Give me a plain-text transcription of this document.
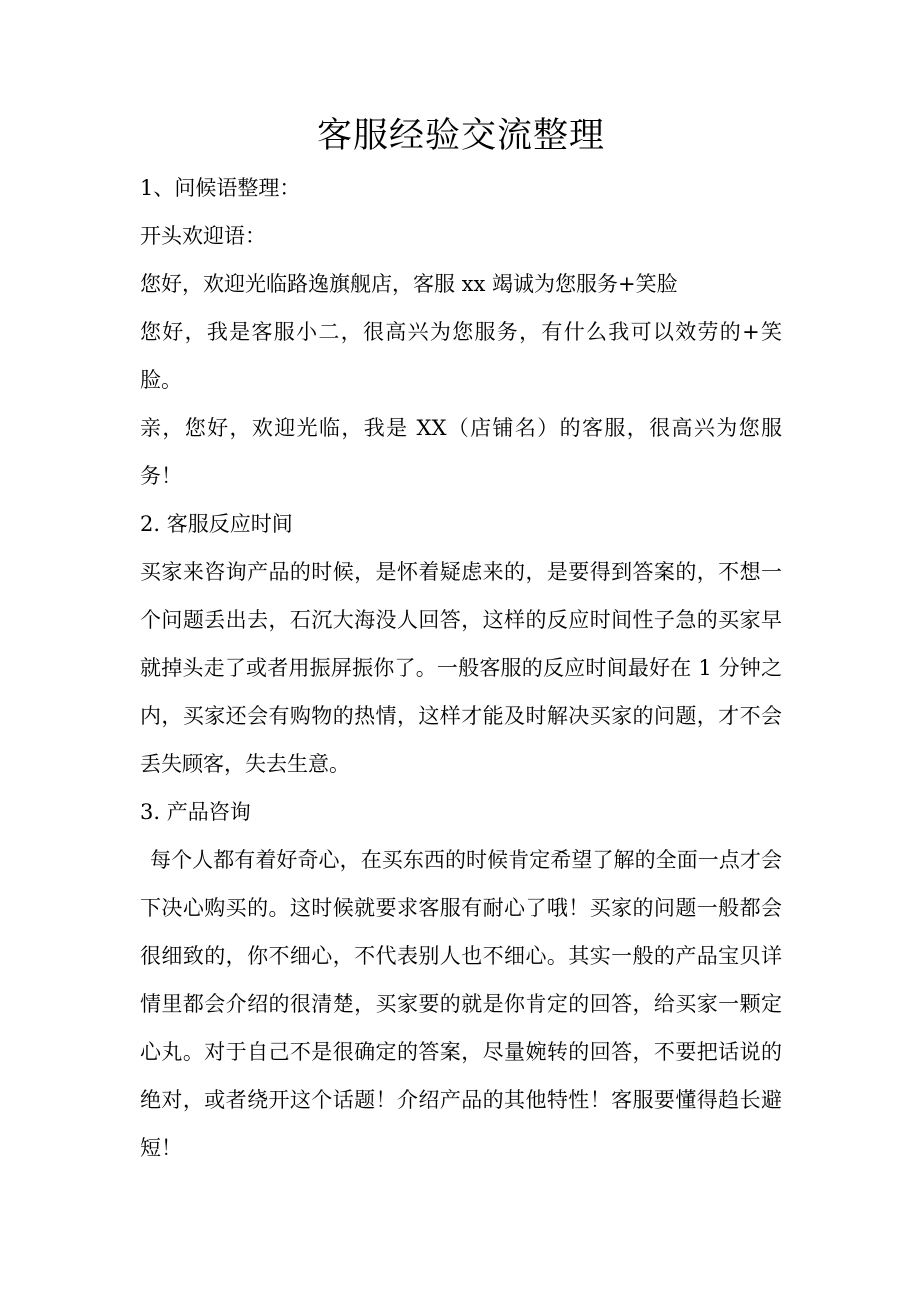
客服经验交流整理

1、问候语整理：

开头欢迎语：

您好，欢迎光临路逸旗舰店，客服 xx 竭诚为您服务+笑脸

您好，我是客服小二，很高兴为您服务，有什么我可以效劳的+笑脸。

亲，您好，欢迎光临，我是 XX（店铺名）的客服，很高兴为您服务！

2. 客服反应时间

买家来咨询产品的时候，是怀着疑虑来的，是要得到答案的，不想一个问题丢出去，石沉大海没人回答，这样的反应时间性子急的买家早就掉头走了或者用振屏振你了。一般客服的反应时间最好在 1 分钟之内，买家还会有购物的热情，这样才能及时解决买家的问题，才不会丢失顾客，失去生意。

3. 产品咨询

每个人都有着好奇心，在买东西的时候肯定希望了解的全面一点才会下决心购买的。这时候就要求客服有耐心了哦！买家的问题一般都会很细致的，你不细心，不代表别人也不细心。其实一般的产品宝贝详情里都会介绍的很清楚，买家要的就是你肯定的回答，给买家一颗定心丸。对于自己不是很确定的答案，尽量婉转的回答，不要把话说的绝对，或者绕开这个话题！介绍产品的其他特性！客服要懂得趋长避短！
